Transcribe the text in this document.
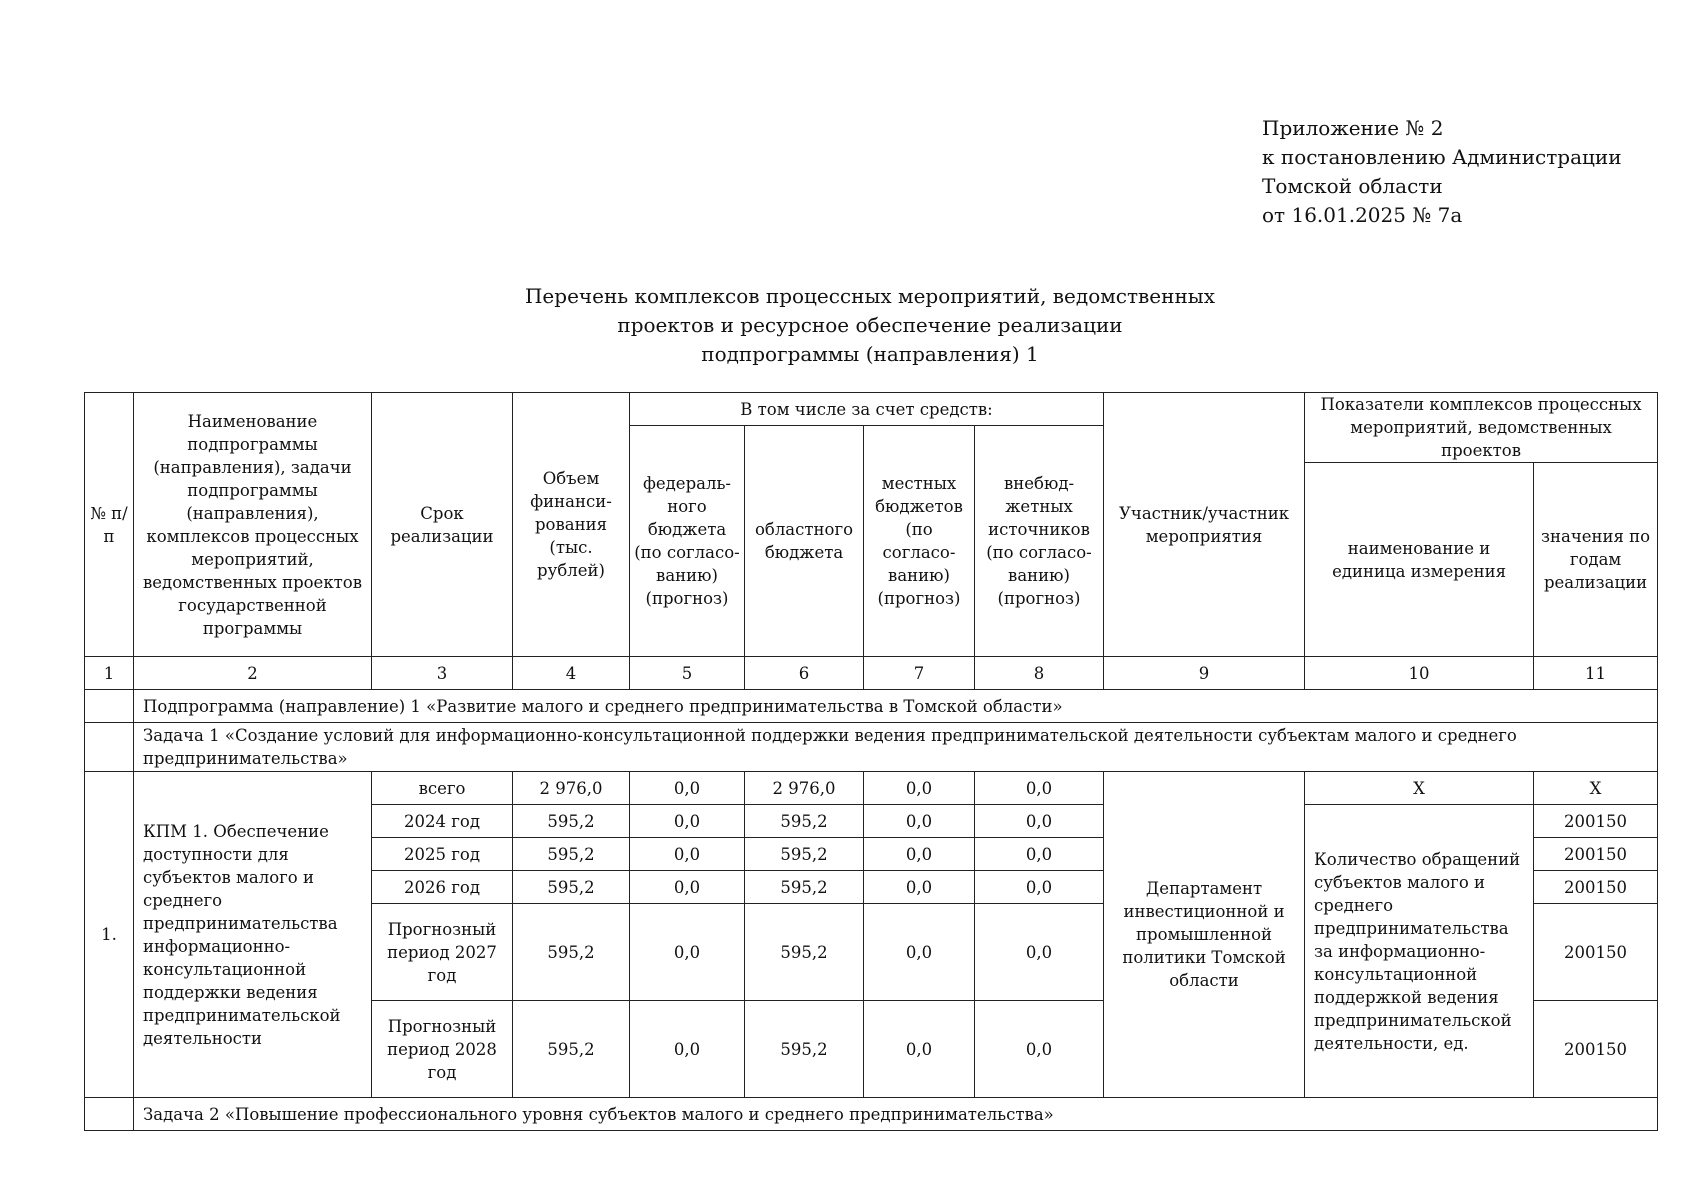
Приложение № 2
к постановлению Администрации
Томской области
от 16.01.2025 № 7а
Перечень комплексов процессных мероприятий, ведомственных
проектов и ресурсное обеспечение реализации
подпрограммы (направления) 1
№ п/п	Наименование подпрограммы (направления), задачи подпрограммы (направления), комплексов процессных мероприятий, ведомственных проектов государственной программы	Срок реализации	Объем финанси-рования (тыс. рублей)	В том числе за счет средств:				Участник/участник мероприятия	Показатели комплексов процессных мероприятий, ведомственных проектов	
				федераль-ного бюджета (по согласо-ванию) (прогноз)	областного бюджета	местных бюджетов (по согласо-ванию) (прогноз)	внебюд-жетных источников (по согласо-ванию) (прогноз)			
									наименование и единица измерения	значения по годам реализации
1	2	3	4	5	6	7	8	9	10	11
	Подпрограмма (направление) 1 «Развитие малого и среднего предпринимательства в Томской области»									
	Задача 1 «Создание условий для информационно-консультационной поддержки ведения предпринимательской деятельности субъектам малого и среднего предпринимательства»									
1.	КПМ 1. Обеспечение доступности для субъектов малого и среднего предпринимательства информационно-консультационной поддержки ведения предпринимательской деятельности	всего	2 976,0	0,0	2 976,0	0,0	0,0	Департамент инвестиционной и промышленной политики Томской области	X	X
		2024 год	595,2	0,0	595,2	0,0	0,0		Количество обращений субъектов малого и среднего предпринимательства за информационно-консультационной поддержкой ведения предпринимательской деятельности, ед.	200150
		2025 год	595,2	0,0	595,2	0,0	0,0			200150
		2026 год	595,2	0,0	595,2	0,0	0,0			200150
		Прогнозный период 2027 год	595,2	0,0	595,2	0,0	0,0			200150
		Прогнозный период 2028 год	595,2	0,0	595,2	0,0	0,0			200150
	Задача 2 «Повышение профессионального уровня субъектов малого и среднего предпринимательства»									
